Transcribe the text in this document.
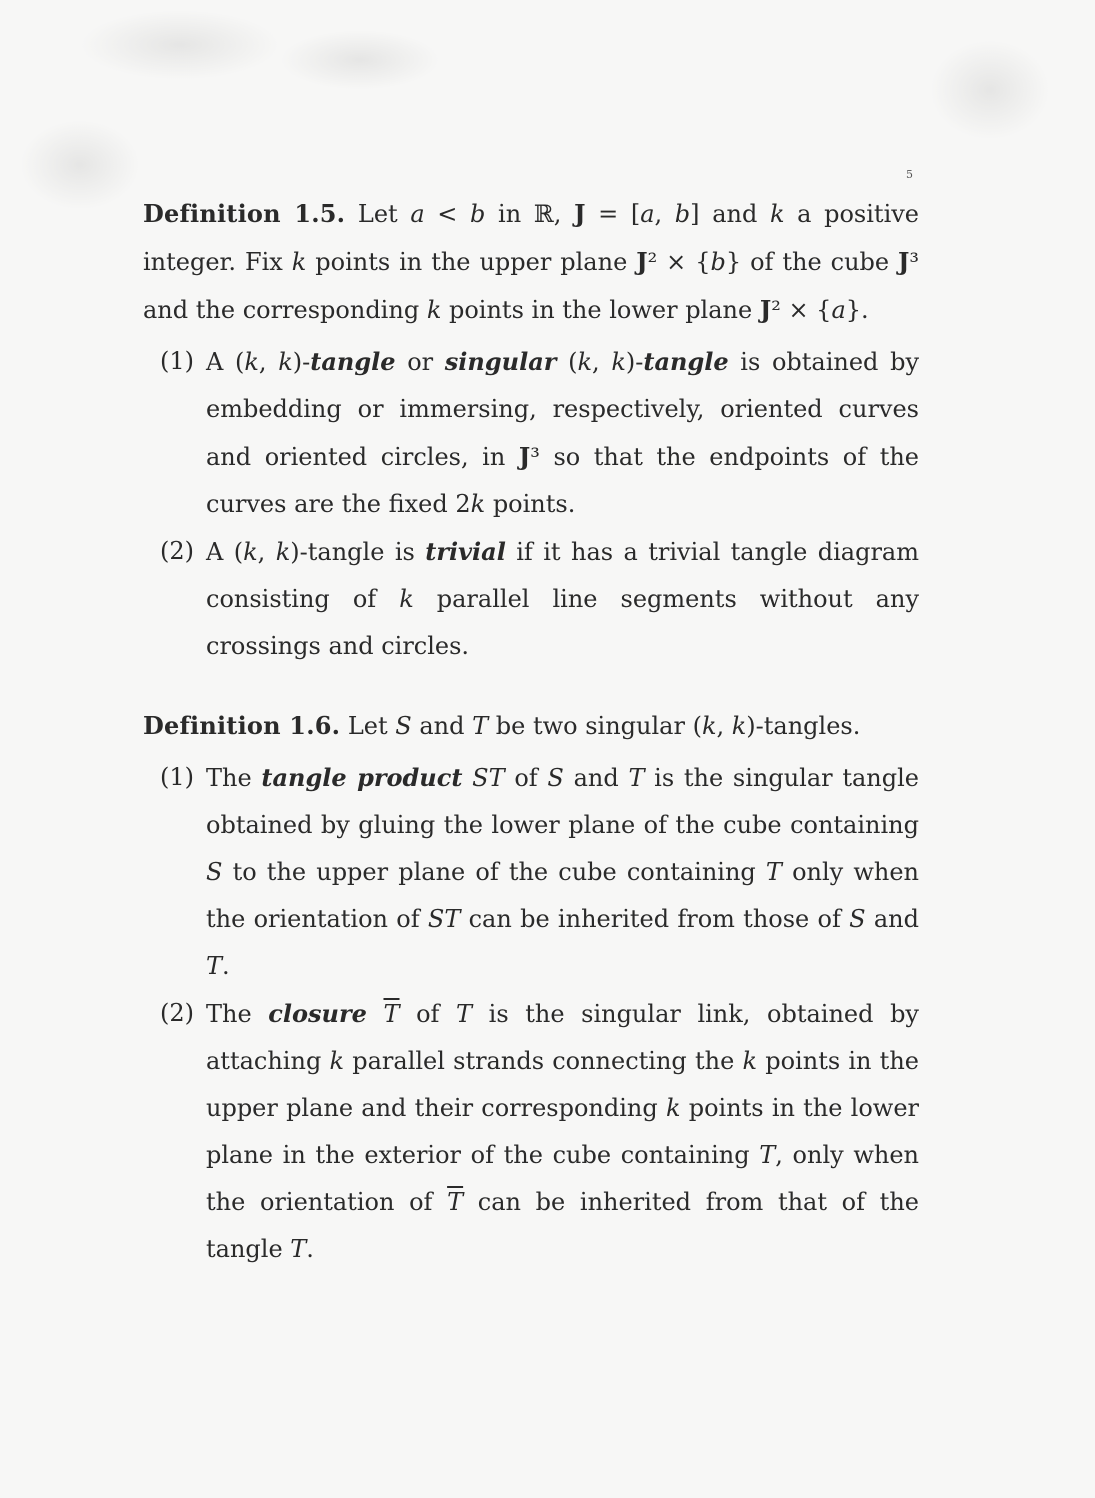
5

Definition 1.5. Let a < b in ℝ, J = [a, b] and k a positive integer. Fix k points in the upper plane J² × {b} of the cube J³ and the corresponding k points in the lower plane J² × {a}.

(1) A (k, k)-tangle or singular (k, k)-tangle is obtained by embedding or immersing, respectively, oriented curves and oriented circles, in J³ so that the endpoints of the curves are the fixed 2k points.

(2) A (k, k)-tangle is trivial if it has a trivial tangle diagram consisting of k parallel line segments without any crossings and circles.

Definition 1.6. Let S and T be two singular (k, k)-tangles.

(1) The tangle product ST of S and T is the singular tangle obtained by gluing the lower plane of the cube containing S to the upper plane of the cube containing T only when the orientation of ST can be inherited from those of S and T.

(2) The closure $\overline{T}$ of T is the singular link, obtained by attaching k parallel strands connecting the k points in the upper plane and their corresponding k points in the lower plane in the exterior of the cube containing T, only when the orientation of $\overline{T}$ can be inherited from that of the tangle T.
